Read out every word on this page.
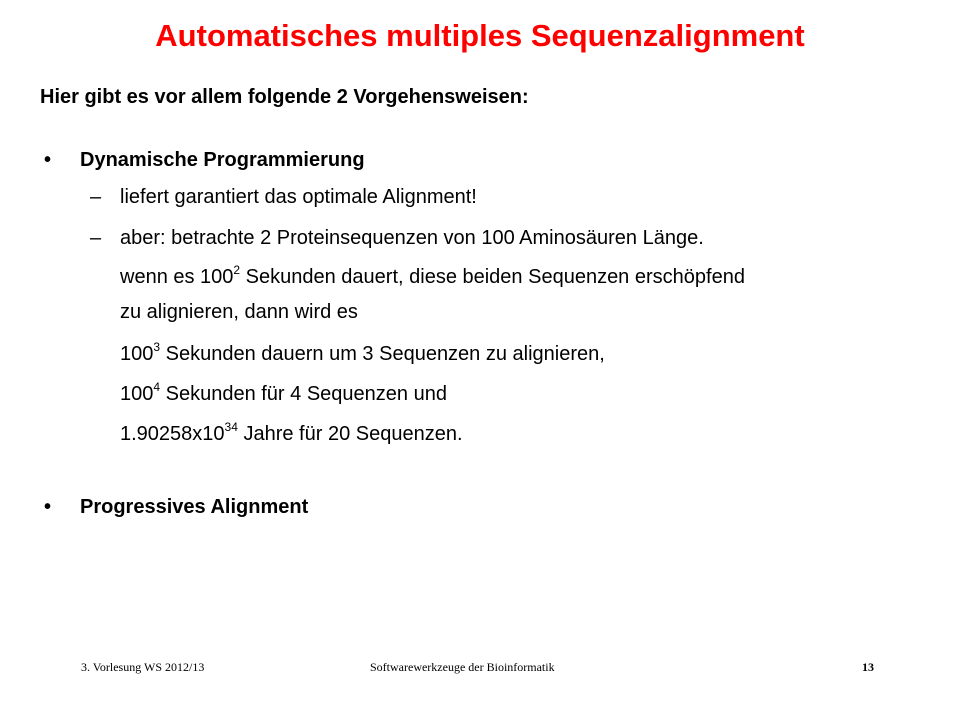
Automatisches multiples Sequenzalignment
Hier gibt es vor allem folgende 2 Vorgehensweisen:
• Dynamische Programmierung
– liefert garantiert das optimale Alignment!
– aber: betrachte 2 Proteinsequenzen von 100 Aminosäuren Länge.
wenn es $100^2$ Sekunden dauert, diese beiden Sequenzen erschöpfend
zu alignieren, dann wird es
$100^3$ Sekunden dauern um 3 Sequenzen zu alignieren,
$100^4$ Sekunden für 4 Sequenzen und
$1.90258x10^{34}$ Jahre für 20 Sequenzen.
• Progressives Alignment
3. Vorlesung WS 2012/13	Softwarewerkzeuge der Bioinformatik	13
